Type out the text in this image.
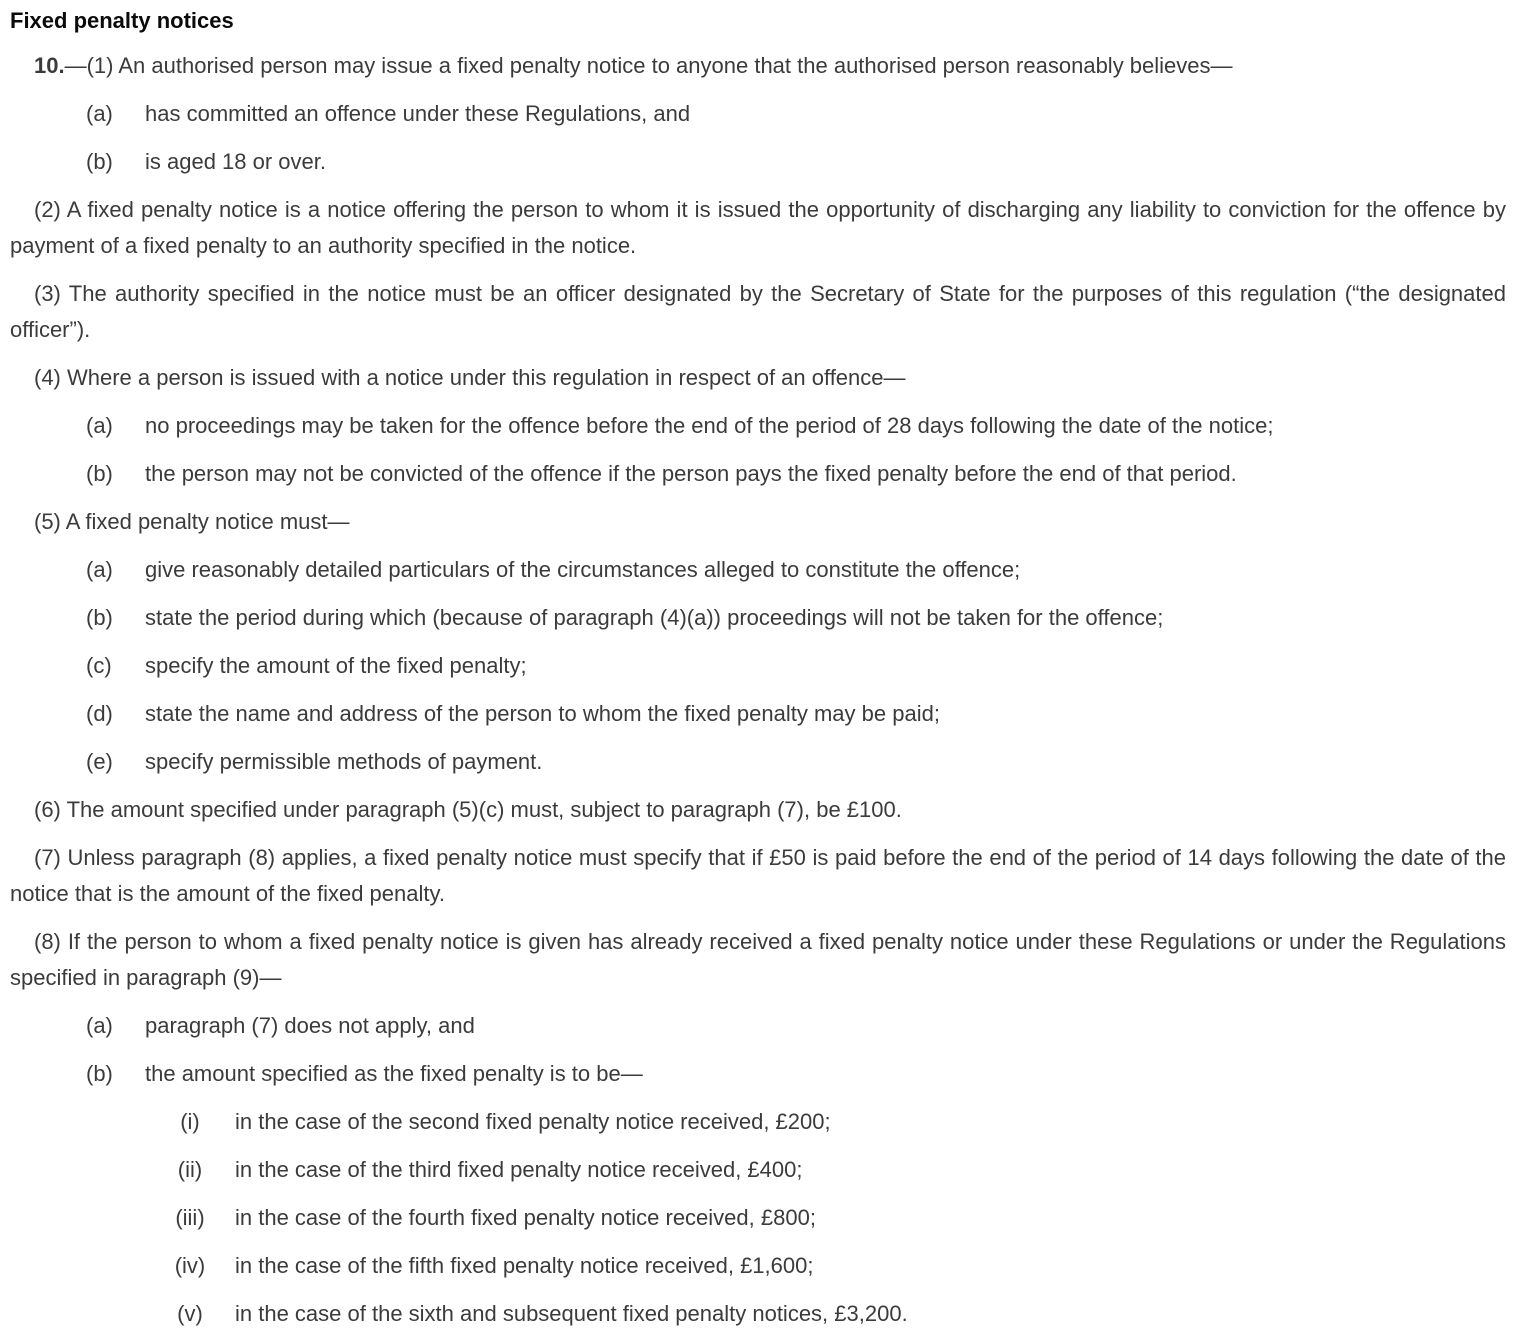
Fixed penalty notices
10.—(1) An authorised person may issue a fixed penalty notice to anyone that the authorised person reasonably believes—
(a) has committed an offence under these Regulations, and
(b) is aged 18 or over.
(2) A fixed penalty notice is a notice offering the person to whom it is issued the opportunity of discharging any liability to conviction for the offence by payment of a fixed penalty to an authority specified in the notice.
(3) The authority specified in the notice must be an officer designated by the Secretary of State for the purposes of this regulation (“the designated officer”).
(4) Where a person is issued with a notice under this regulation in respect of an offence—
(a) no proceedings may be taken for the offence before the end of the period of 28 days following the date of the notice;
(b) the person may not be convicted of the offence if the person pays the fixed penalty before the end of that period.
(5) A fixed penalty notice must—
(a) give reasonably detailed particulars of the circumstances alleged to constitute the offence;
(b) state the period during which (because of paragraph (4)(a)) proceedings will not be taken for the offence;
(c) specify the amount of the fixed penalty;
(d) state the name and address of the person to whom the fixed penalty may be paid;
(e) specify permissible methods of payment.
(6) The amount specified under paragraph (5)(c) must, subject to paragraph (7), be £100.
(7) Unless paragraph (8) applies, a fixed penalty notice must specify that if £50 is paid before the end of the period of 14 days following the date of the notice that is the amount of the fixed penalty.
(8) If the person to whom a fixed penalty notice is given has already received a fixed penalty notice under these Regulations or under the Regulations specified in paragraph (9)—
(a) paragraph (7) does not apply, and
(b) the amount specified as the fixed penalty is to be—
(i)	in the case of the second fixed penalty notice received, £200;
(ii)	in the case of the third fixed penalty notice received, £400;
(iii) in the case of the fourth fixed penalty notice received, £800;
(iv) in the case of the fifth fixed penalty notice received, £1,600;
(v)	in the case of the sixth and subsequent fixed penalty notices, £3,200.
